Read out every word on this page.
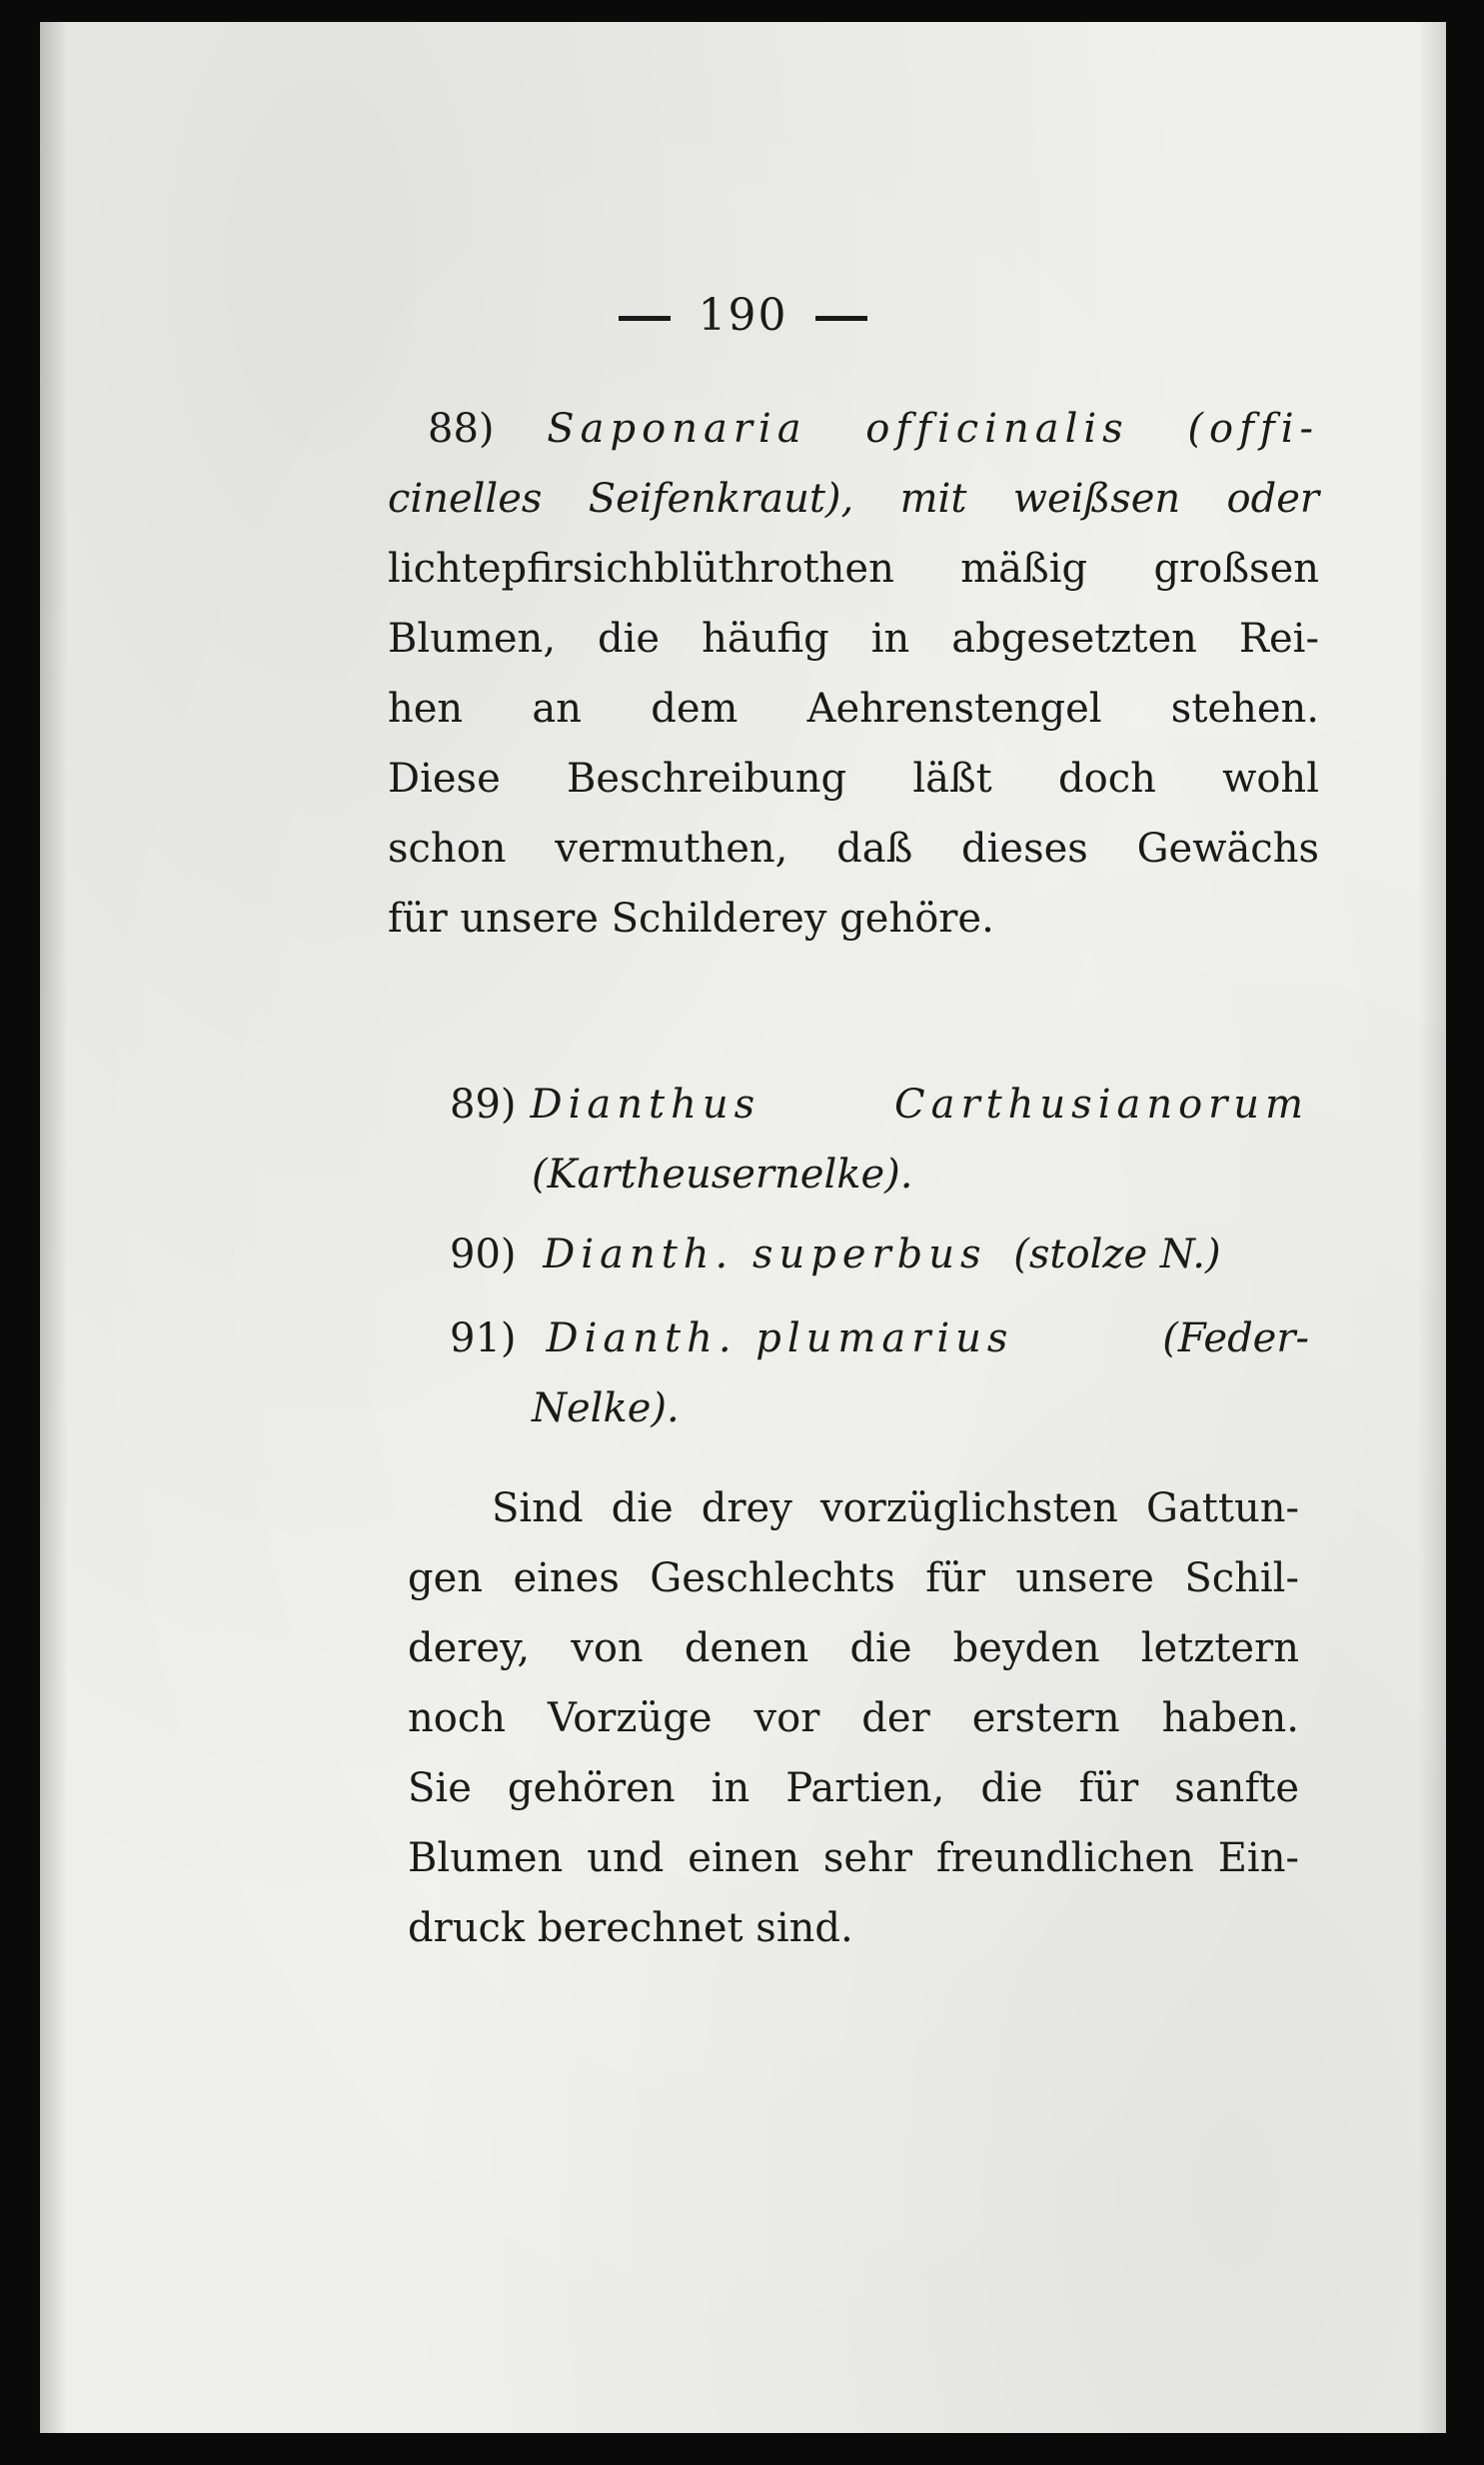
190
88) Saponaria officinalis (offi-
cinelles Seifenkraut), mit weißsen oder
lichtepfirsichblüthrothen mäßig großsen
Blumen, die häufig in abgesetzten Rei-
hen an dem Aehrenstengel stehen.
Diese Beschreibung läßt doch wohl
schon vermuthen, daß dieses Gewächs
für unsere Schilderey gehöre.
89) Dianthus Carthusianorum
(Kartheusernelke).
90) Dianth. superbus (stolze N.)
91) Dianth. plumarius	(Feder-
Nelke).
Sind die drey vorzüglichsten Gattun-
gen eines Geschlechts für unsere Schil-
derey, von denen die beyden letztern
noch Vorzüge vor der erstern haben.
Sie gehören in Partien, die für sanfte
Blumen und einen sehr freundlichen Ein-
druck berechnet sind.
